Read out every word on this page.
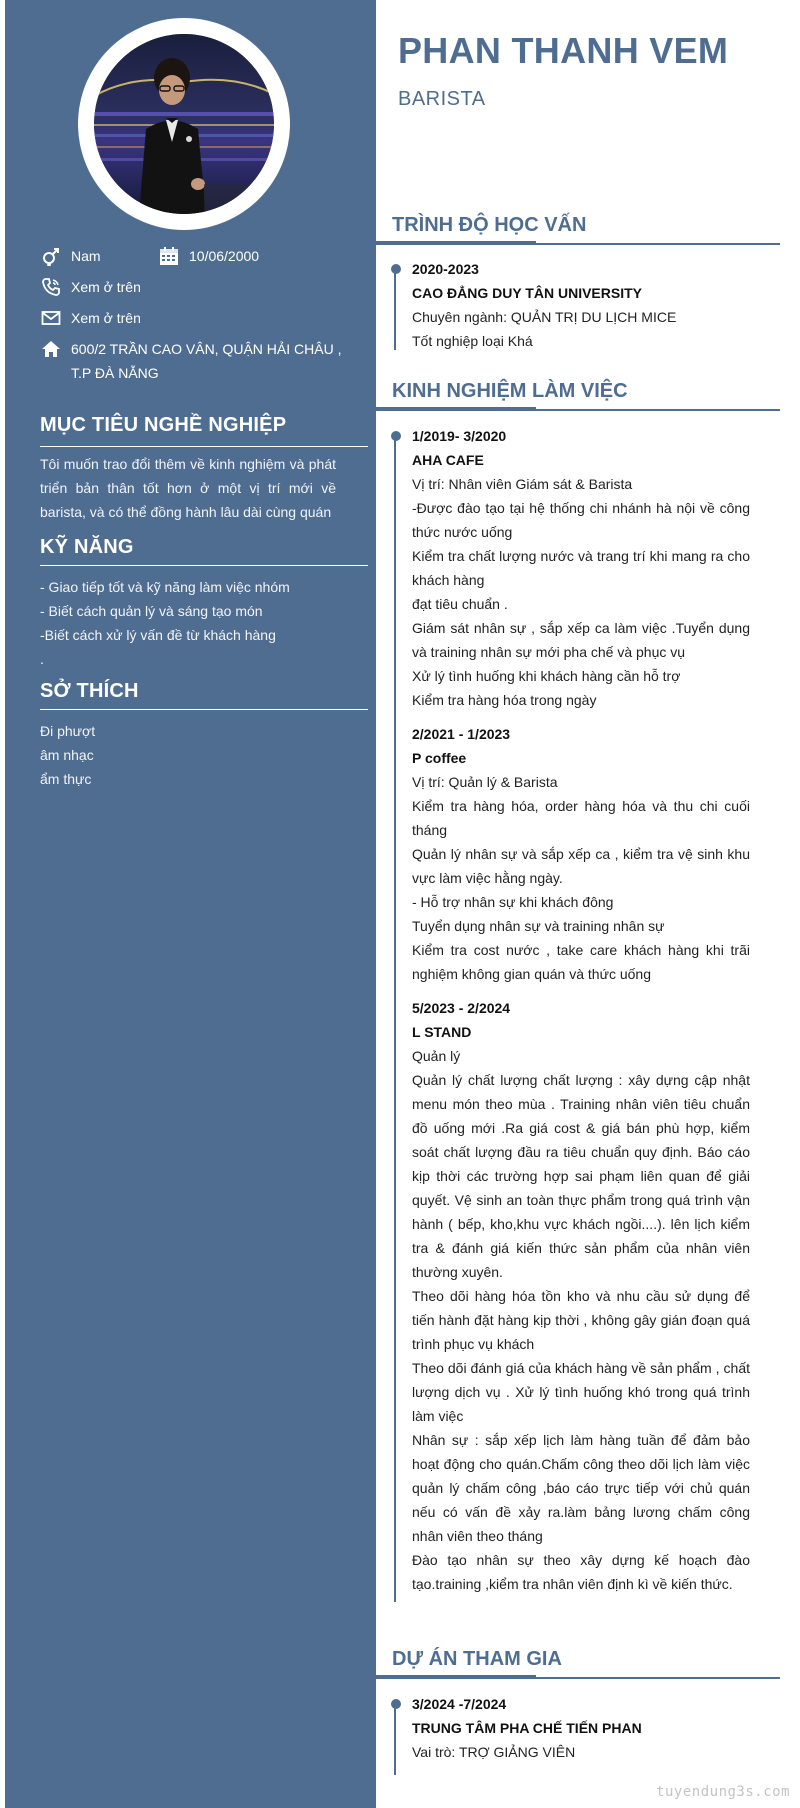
Nam	10/06/2000
Xem ở trên
Xem ở trên
600/2 TRẦN CAO VÂN, QUẬN HẢI CHÂU , T.P ĐÀ NẴNG
MỤC TIÊU NGHỀ NGHIỆP
Tôi muốn trao đổi thêm về kinh nghiệm và phát triển bản thân tốt hơn ở một vị trí mới về barista, và có thể đồng hành lâu dài cùng quán
KỸ NĂNG
- Giao tiếp tốt và kỹ năng làm việc nhóm
- Biết cách quản lý và sáng tạo món
-Biết cách xử lý vấn đề từ khách hàng
.
SỞ THÍCH
Đi phượt
âm nhạc
ẩm thực
PHAN THANH VEM
BARISTA
TRÌNH ĐỘ HỌC VẤN
2020-2023
CAO ĐẲNG DUY TÂN UNIVERSITY
Chuyên ngành: QUẢN TRỊ DU LỊCH MICE
Tốt nghiệp loại Khá
KINH NGHIỆM LÀM VIỆC
1/2019- 3/2020
AHA CAFE
Vị trí: Nhân viên Giám sát & Barista
-Được đào tạo tại hệ thống chi nhánh hà nội về công thức nước uống
Kiểm tra chất lượng nước và trang trí khi mang ra cho khách hàng
đạt tiêu chuẩn .
Giám sát nhân sự , sắp xếp ca làm việc .Tuyển dụng và training nhân sự mới pha chế và phục vụ
Xử lý tình huống khi khách hàng cần hỗ trợ
Kiểm tra hàng hóa trong ngày
2/2021 - 1/2023
P coffee
Vị trí: Quản lý & Barista
Kiểm tra hàng hóa, order hàng hóa và thu chi cuối tháng
Quản lý nhân sự và sắp xếp ca , kiểm tra vệ sinh khu vực làm việc hằng ngày.
- Hỗ trợ nhân sự khi khách đông
Tuyển dụng nhân sự và training nhân sự
Kiểm tra cost nước , take care khách hàng khi trãi nghiệm không gian quán và thức uống
5/2023 - 2/2024
L STAND
Quản lý
Quản lý chất lượng chất lượng : xây dựng cập nhật menu món theo mùa . Training nhân viên tiêu chuẩn đồ uống mới .Ra giá cost & giá bán phù hợp, kiểm soát chất lượng đầu ra tiêu chuẩn quy định. Báo cáo kịp thời các trường hợp sai phạm liên quan để giải quyết. Vệ sinh an toàn thực phẩm trong quá trình vận hành ( bếp, kho,khu vực khách ngồi....). lên lịch kiểm tra & đánh giá kiến thức sản phẩm của nhân viên thường xuyên.
Theo dõi hàng hóa tồn kho và nhu cầu sử dụng để tiến hành đặt hàng kịp thời , không gây gián đoạn quá trình phục vụ khách
Theo dõi đánh giá của khách hàng về sản phẩm , chất lượng dịch vụ . Xử lý tình huống khó trong quá trình làm việc
Nhân sự : sắp xếp lịch làm hàng tuần để đảm bảo hoạt động cho quán.Chấm công theo dõi lịch làm việc quản lý chấm công ,báo cáo trực tiếp với chủ quán nếu có vấn đề xảy ra.làm bảng lương chấm công nhân viên theo tháng
Đào tạo nhân sự theo xây dựng kế hoạch đào tạo.training ,kiểm tra nhân viên định kì về kiến thức.
DỰ ÁN THAM GIA
3/2024 -7/2024
TRUNG TÂM PHA CHẾ TIẾN PHAN
Vai trò: TRỢ GIẢNG VIÊN
tuyendung3s.com
